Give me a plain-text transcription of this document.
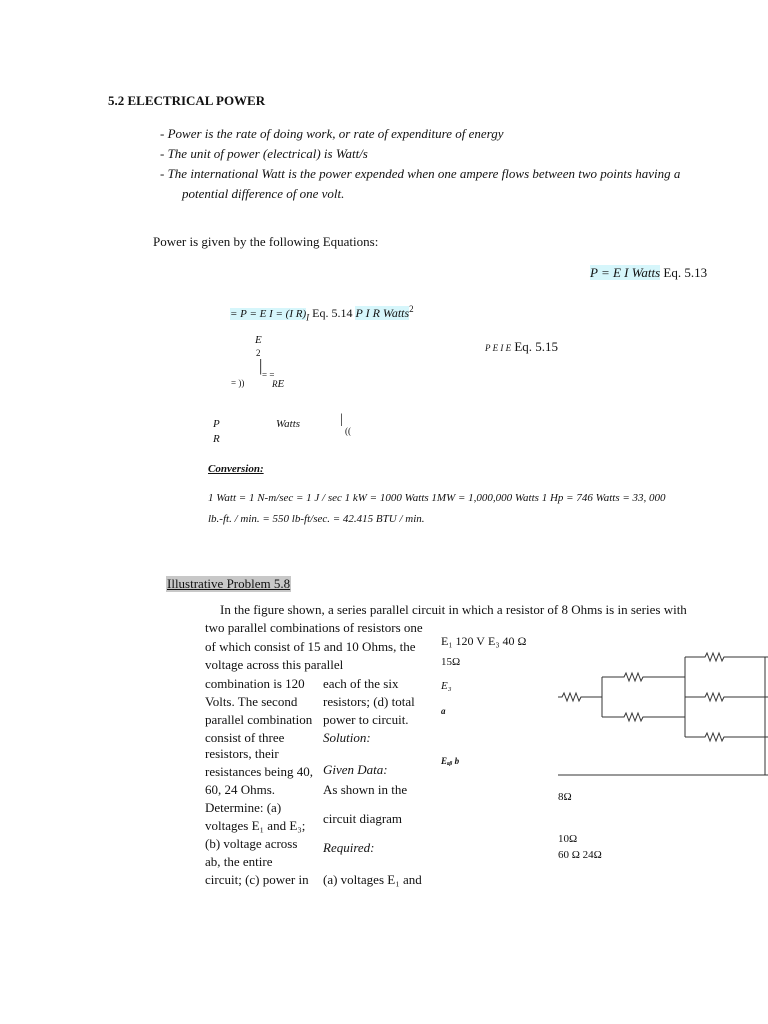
5.2 ELECTRICAL POWER
- Power is the rate of doing work, or rate of expenditure of energy
- The unit of power (electrical) is Watt/s
- The international Watt is the power expended when one ampere flows between two points having a
potential difference of one volt.
Power is given by the following Equations:
P = E I Watts Eq. 5.13
= P = E I = (I $R)_I$ Eq. 5.14 P I R Watts$^2$
E
2
| = =
= ))	RE
P E I E Eq. 5.15
P
R
Watts	|
((
Conversion:
1 Watt = 1 N-m/sec = 1 J / sec 1 kW = 1000 Watts 1MW = 1,000,000 Watts 1 Hp = 746 Watts = 33, 000
lb.-ft. / min. = 550 lb-ft/sec. = 42.415 BTU / min.
Illustrative Problem 5.8
In the figure shown, a series parallel circuit in which a resistor of 8 Ohms is in series with
two parallel combinations of resistors one
of which consist of 15 and 10 Ohms, the
voltage across this parallel
combination is 120
Volts. The second
parallel combination
consist of three
resistors, their
resistances being 40,
60, 24 Ohms.
Determine: (a)
voltages E₁ and E₃;
(b) voltage across
ab, the entire
circuit; (c) power in
each of the six
resistors; (d) total
power to circuit.
Solution:
Given Data:
As shown in the
circuit diagram
Required:
(a) voltages E₁ and
E₁ 120 V E₃ 40 Ω
15Ω
E₃
a
Eₐᵦ b
8Ω
10Ω
60 Ω 24Ω
